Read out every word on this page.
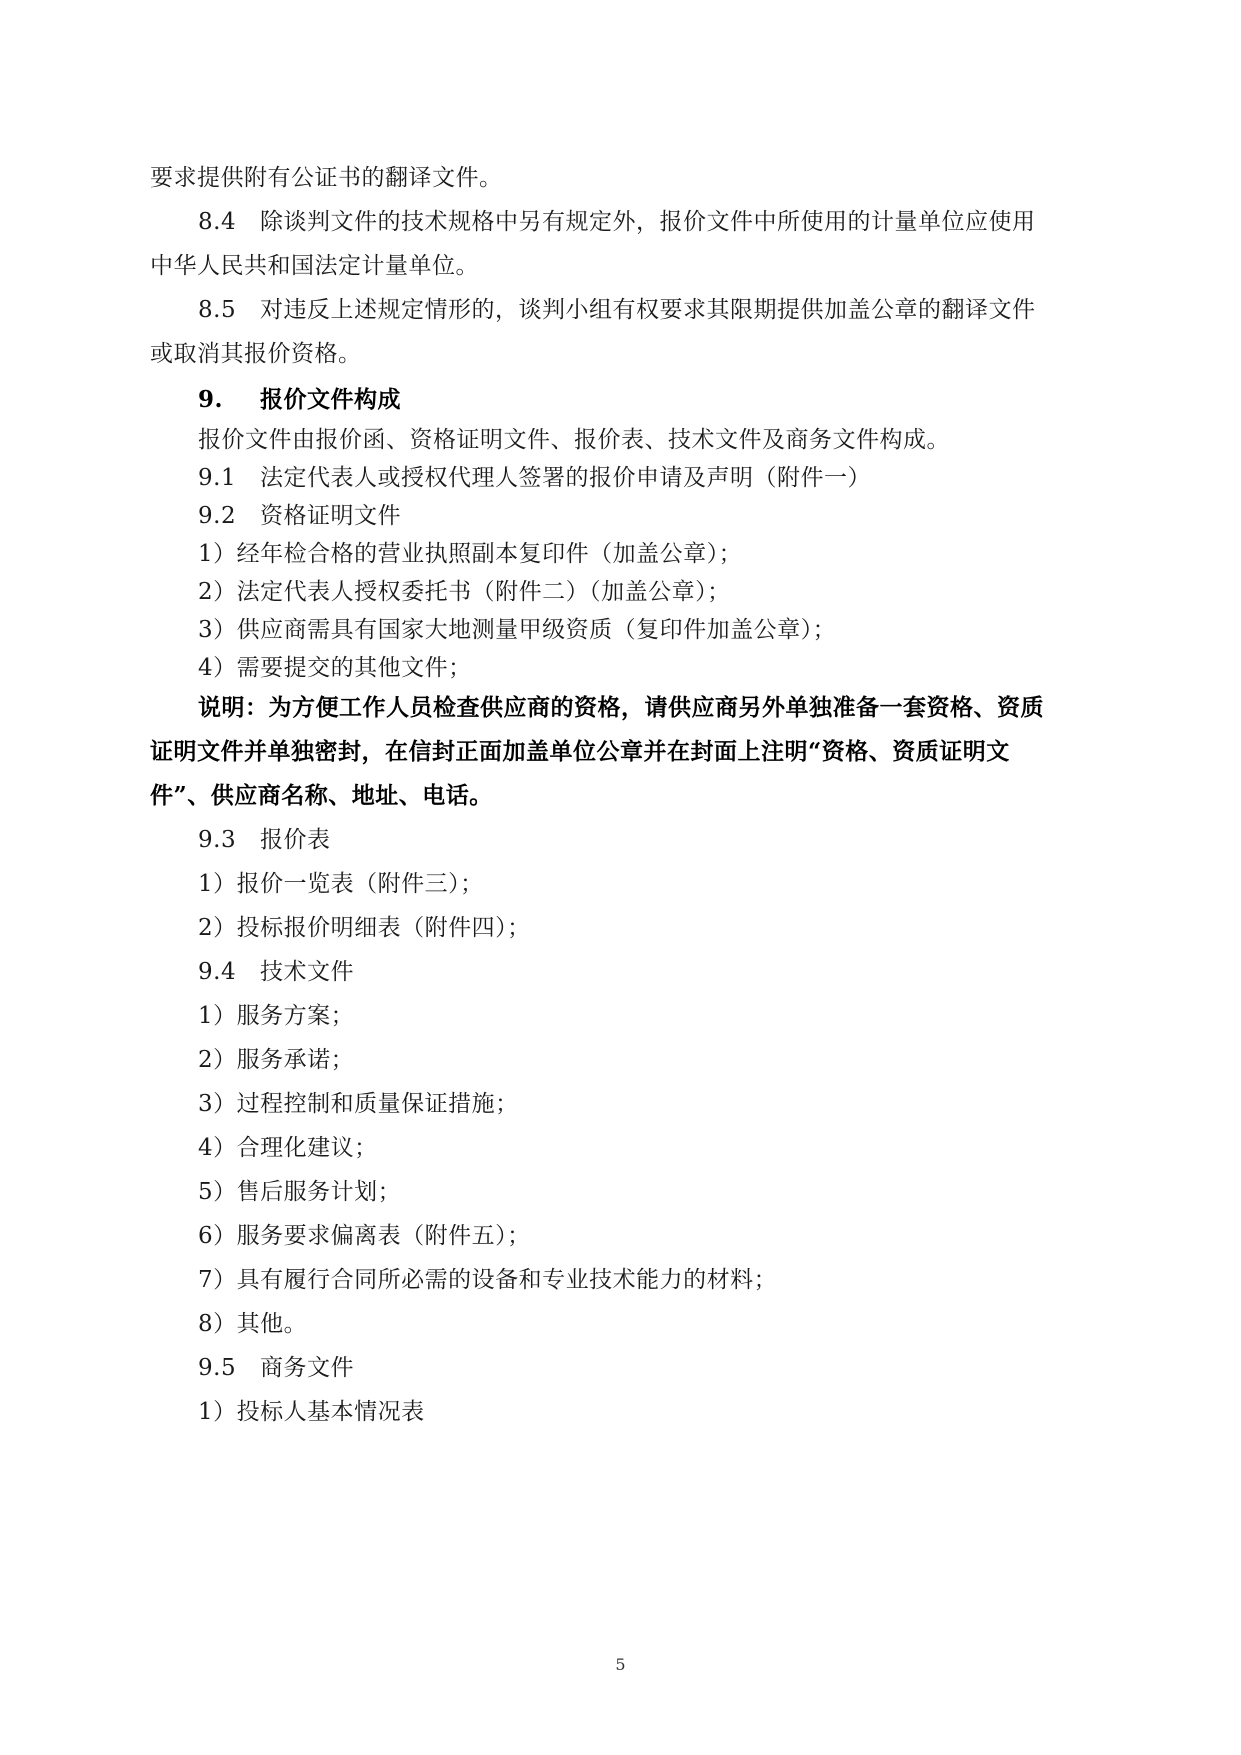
要求提供附有公证书的翻译文件。
8.4 除谈判文件的技术规格中另有规定外，报价文件中所使用的计量单位应使用
中华人民共和国法定计量单位。
8.5 对违反上述规定情形的，谈判小组有权要求其限期提供加盖公章的翻译文件
或取消其报价资格。
9. 报价文件构成
报价文件由报价函、资格证明文件、报价表、技术文件及商务文件构成。
9.1 法定代表人或授权代理人签署的报价申请及声明（附件一）
9.2 资格证明文件
1）经年检合格的营业执照副本复印件（加盖公章）；
2）法定代表人授权委托书（附件二）（加盖公章）；
3）供应商需具有国家大地测量甲级资质（复印件加盖公章）；
4）需要提交的其他文件；
说明：为方便工作人员检查供应商的资格，请供应商另外单独准备一套资格、资质
证明文件并单独密封，在信封正面加盖单位公章并在封面上注明“资格、资质证明文
件”、供应商名称、地址、电话。
9.3 报价表
1）报价一览表（附件三）；
2）投标报价明细表（附件四）；
9.4 技术文件
1）服务方案；
2）服务承诺；
3）过程控制和质量保证措施；
4）合理化建议；
5）售后服务计划；
6）服务要求偏离表（附件五）；
7）具有履行合同所必需的设备和专业技术能力的材料；
8）其他。
9.5 商务文件
1）投标人基本情况表
5
